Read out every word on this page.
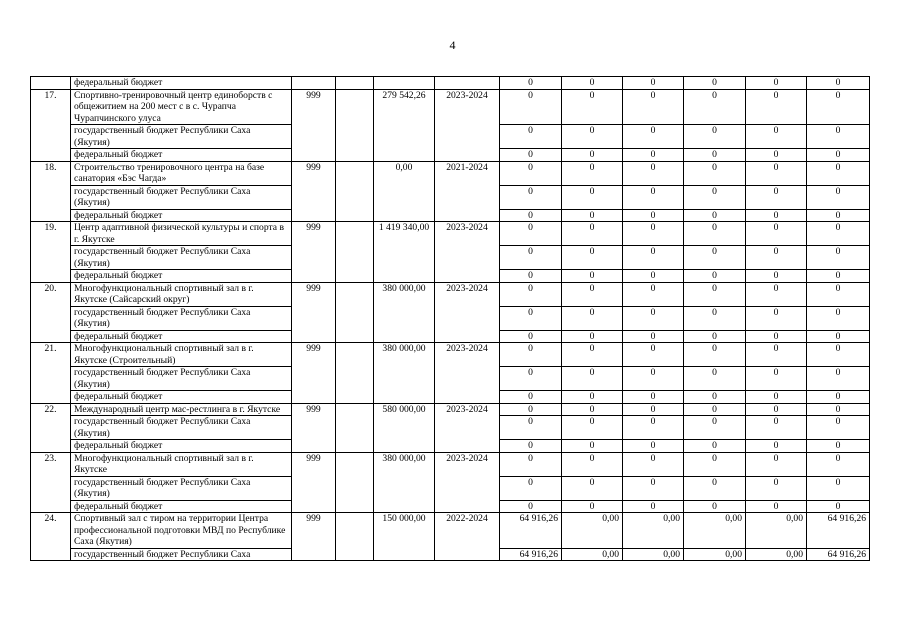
4
	федеральный бюджет					0	0	0	0	0	0
17.	Спортивно-тренировочный центр единоборств с общежитием на 200 мест с в с. Чурапча Чурапчинского улуса	999		279 542,26	2023-2024	0	0	0	0	0	0
	государственный бюджет Республики Саха (Якутия)					0	0	0	0	0	0
	федеральный бюджет					0	0	0	0	0	0
18.	Строительство тренировочного центра на базе санатория «Бэс Чагда»	999		0,00	2021-2024	0	0	0	0	0	0
	государственный бюджет Республики Саха (Якутия)					0	0	0	0	0	0
	федеральный бюджет					0	0	0	0	0	0
19.	Центр адаптивной физической культуры и спорта в г. Якутске	999		1 419 340,00	2023-2024	0	0	0	0	0	0
	государственный бюджет Республики Саха (Якутия)					0	0	0	0	0	0
	федеральный бюджет					0	0	0	0	0	0
20.	Многофункциональный спортивный зал в г. Якутске (Сайсарский округ)	999		380 000,00	2023-2024	0	0	0	0	0	0
	государственный бюджет Республики Саха (Якутия)					0	0	0	0	0	0
	федеральный бюджет					0	0	0	0	0	0
21.	Многофункциональный спортивный зал в г. Якутске (Строительный)	999		380 000,00	2023-2024	0	0	0	0	0	0
	государственный бюджет Республики Саха (Якутия)					0	0	0	0	0	0
	федеральный бюджет					0	0	0	0	0	0
22.	Международный центр мас-рестлинга в г. Якутске	999		580 000,00	2023-2024	0	0	0	0	0	0
	государственный бюджет Республики Саха (Якутия)					0	0	0	0	0	0
	федеральный бюджет					0	0	0	0	0	0
23.	Многофункциональный спортивный зал в г. Якутске	999		380 000,00	2023-2024	0	0	0	0	0	0
	государственный бюджет Республики Саха (Якутия)					0	0	0	0	0	0
	федеральный бюджет					0	0	0	0	0	0
24.	Спортивный зал с тиром на территории Центра профессиональной подготовки МВД по Республике Саха (Якутия)	999		150 000,00	2022-2024	64 916,26	0,00	0,00	0,00	0,00	64 916,26
	государственный бюджет Республики Саха					64 916,26	0,00	0,00	0,00	0,00	64 916,26
